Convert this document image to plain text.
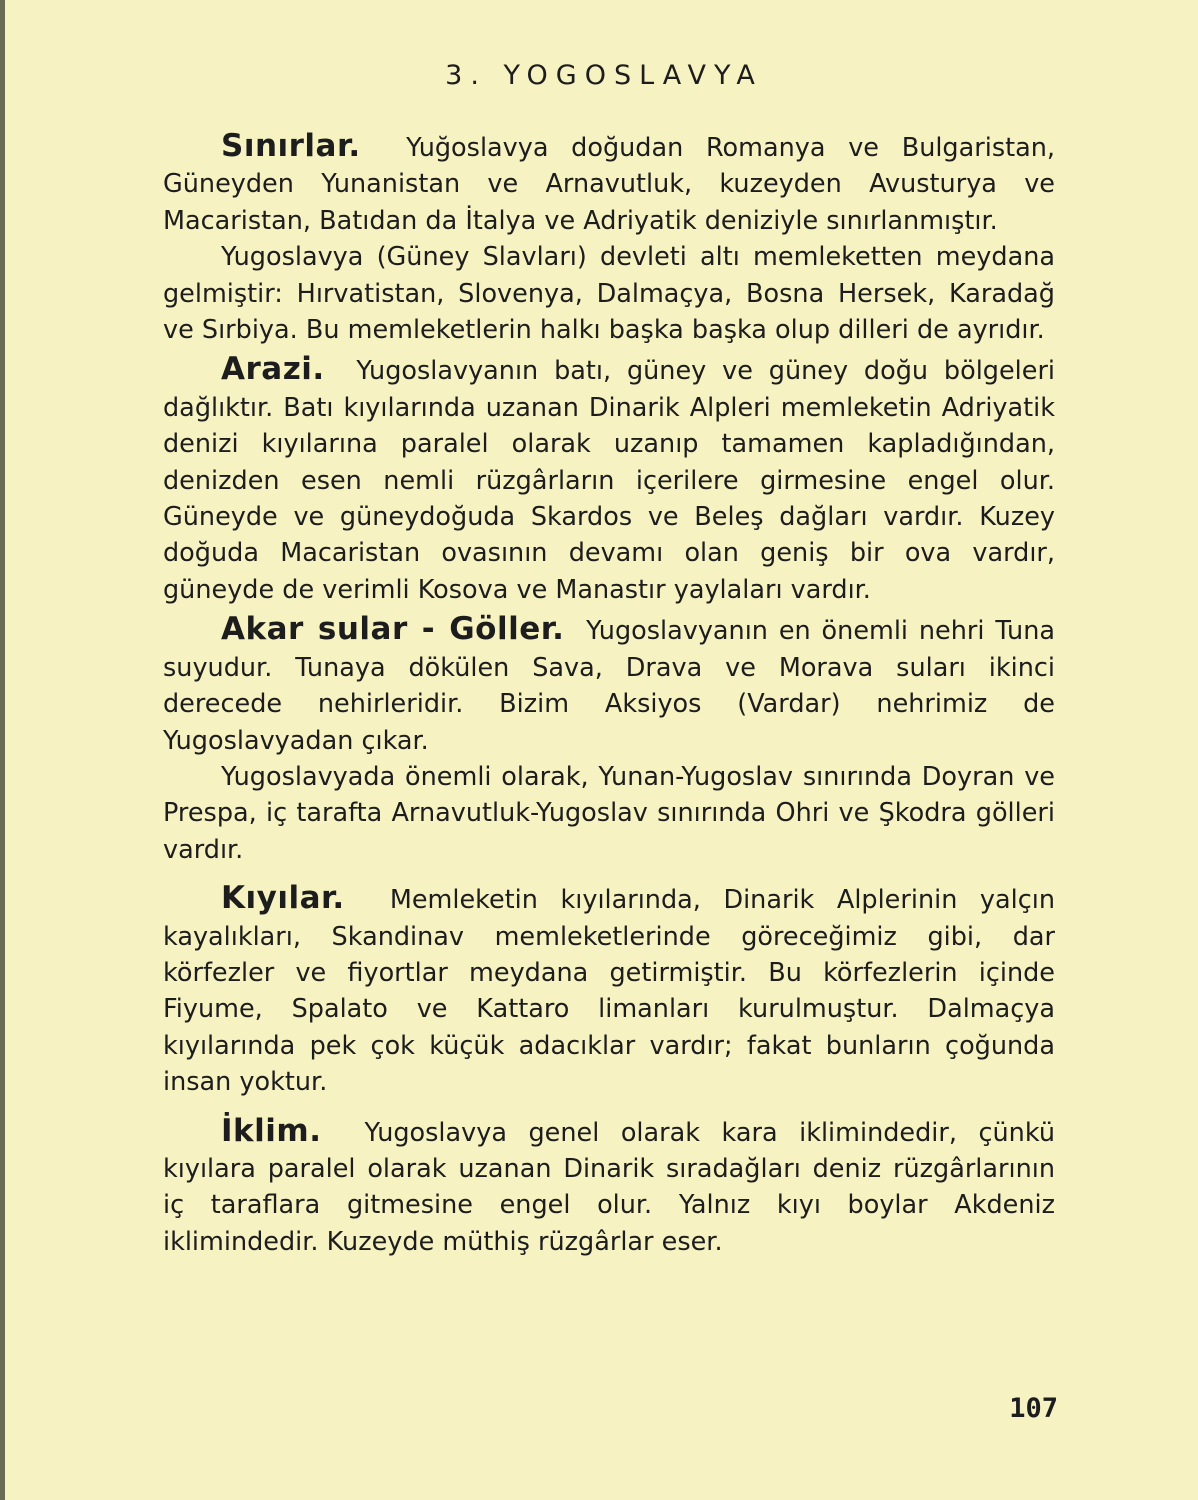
3. YOGOSLAVYA

Sınırlar. Yuğoslavya doğudan Romanya ve Bulgaristan, Güneyden Yunanistan ve Arnavutluk, kuzeyden Avusturya ve Macaristan, Batıdan da İtalya ve Adriyatik deniziyle sınırlanmıştır.

Yugoslavya (Güney Slavları) devleti altı memleketten meydana gelmiştir: Hırvatistan, Slovenya, Dalmaçya, Bosna Hersek, Karadağ ve Sırbiya. Bu memleketlerin halkı başka başka olup dilleri de ayrıdır.

Arazi. Yugoslavyanın batı, güney ve güney doğu bölgeleri dağlıktır. Batı kıyılarında uzanan Dinarik Alpleri memleketin Adriyatik denizi kıyılarına paralel olarak uzanıp tamamen kapladığından, denizden esen nemli rüzgârların içerilere girmesine engel olur. Güneyde ve güneydoğuda Skardos ve Beleş dağları vardır. Kuzey doğuda Macaristan ovasının devamı olan geniş bir ova vardır, güneyde de verimli Kosova ve Manastır yaylaları vardır.

Akar sular - Göller. Yugoslavyanın en önemli nehri Tuna suyudur. Tunaya dökülen Sava, Drava ve Morava suları ikinci derecede nehirleridir. Bizim Aksiyos (Vardar) nehrimiz de Yugoslavyadan çıkar.

Yugoslavyada önemli olarak, Yunan-Yugoslav sınırında Doyran ve Prespa, iç tarafta Arnavutluk-Yugoslav sınırında Ohri ve Şkodra gölleri vardır.

Kıyılar. Memleketin kıyılarında, Dinarik Alplerinin yalçın kayalıkları, Skandinav memleketlerinde göreceğimiz gibi, dar körfezler ve fiyortlar meydana getirmiştir. Bu körfezlerin içinde Fiyume, Spalato ve Kattaro limanları kurulmuştur. Dalmaçya kıyılarında pek çok küçük adacıklar vardır; fakat bunların çoğunda insan yoktur.

İklim. Yugoslavya genel olarak kara iklimindedir, çünkü kıyılara paralel olarak uzanan Dinarik sıradağları deniz rüzgârlarının iç taraflara gitmesine engel olur. Yalnız kıyı boylar Akdeniz iklimindedir. Kuzeyde müthiş rüzgârlar eser.

107
